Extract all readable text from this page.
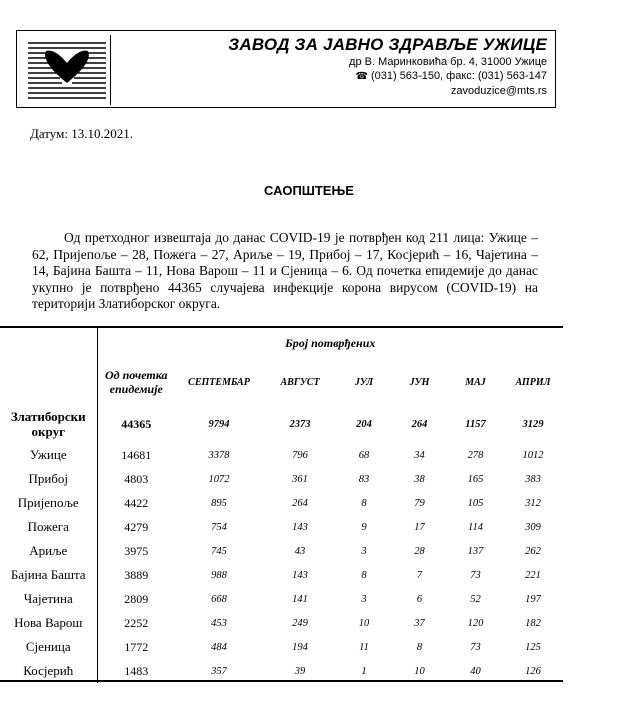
ЗАВОД ЗА ЈАВНО ЗДРАВЉЕ УЖИЦЕ
др В. Маринковића бр. 4, 31000 Ужице
☎ (031) 563-150, факс: (031) 563-147
zavoduzice@mts.rs
Датум: 13.10.2021.
САОПШТЕЊЕ
Од претходног извештаја до данас COVID-19 је потврђен код 211 лица: Ужице – 62, Пријепоље – 28, Пожега – 27, Ариље – 19, Прибој – 17, Косјерић – 16, Чајетина – 14, Бајина Башта – 11, Нова Варош – 11 и Сјеница – 6. Од почетка епидемије до данас укупно је потврђено 44365 случајева инфекције корона вирусом (COVID-19) на територији Златиборског округа.
	Број потврђених						
	Од почетка епидемије	СЕПТЕМБАР	АВГУСТ	ЈУЛ	ЈУН	МАЈ	АПРИЛ
Златиборски округ	44365	9794	2373	204	264	1157	3129
Ужице	14681	3378	796	68	34	278	1012
Прибој	4803	1072	361	83	38	165	383
Пријепоље	4422	895	264	8	79	105	312
Пожега	4279	754	143	9	17	114	309
Ариље	3975	745	43	3	28	137	262
Бајина Башта	3889	988	143	8	7	73	221
Чајетина	2809	668	141	3	6	52	197
Нова Варош	2252	453	249	10	37	120	182
Сјеница	1772	484	194	11	8	73	125
Косјерић	1483	357	39	1	10	40	126
